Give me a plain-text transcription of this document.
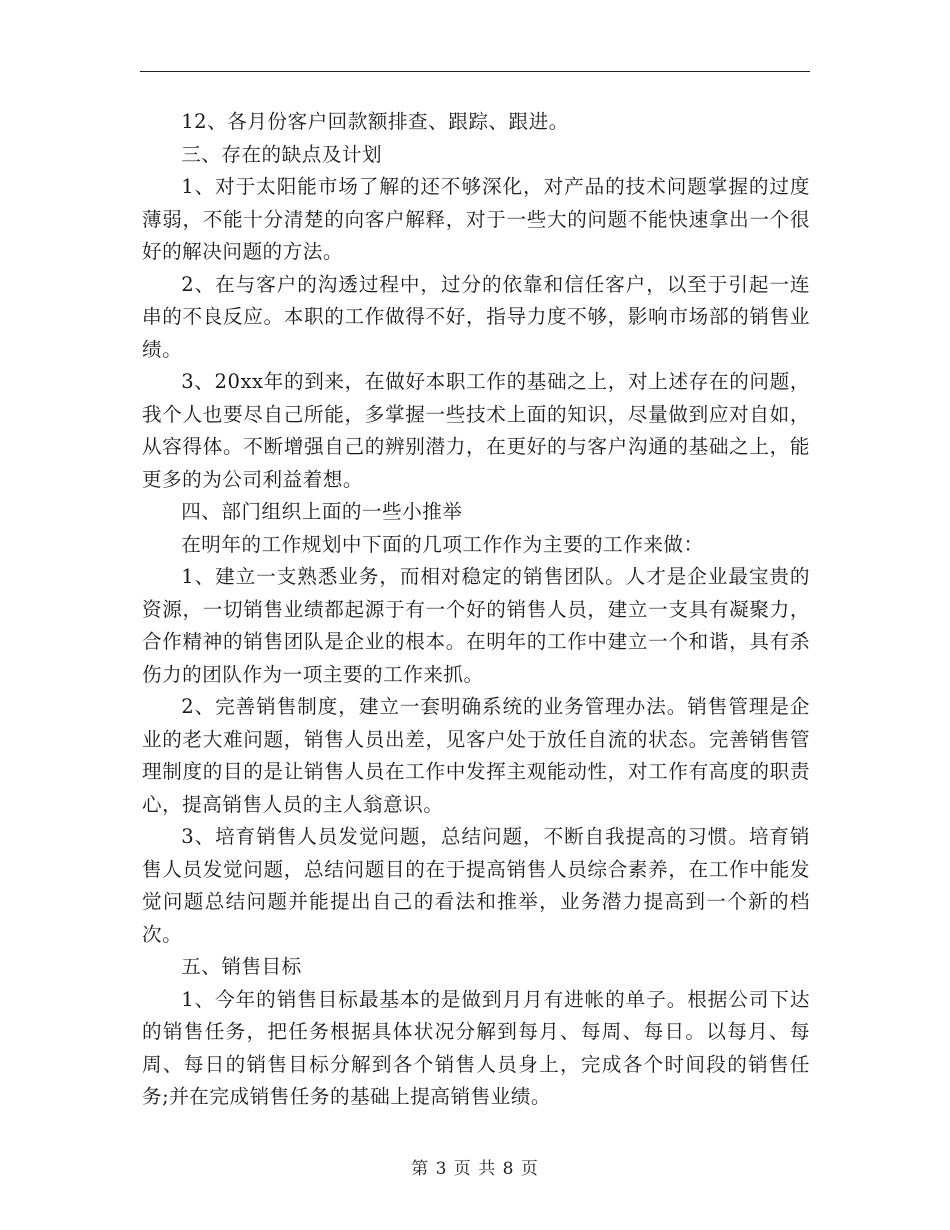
12、各月份客户回款额排查、跟踪、跟进。

三、存在的缺点及计划

1、对于太阳能市场了解的还不够深化，对产品的技术问题掌握的过度薄弱，不能十分清楚的向客户解释，对于一些大的问题不能快速拿出一个很好的解决问题的方法。

2、在与客户的沟透过程中，过分的依靠和信任客户，以至于引起一连串的不良反应。本职的工作做得不好，指导力度不够，影响市场部的销售业绩。

3、20xx年的到来，在做好本职工作的基础之上，对上述存在的问题，我个人也要尽自己所能，多掌握一些技术上面的知识，尽量做到应对自如，从容得体。不断增强自己的辨别潜力，在更好的与客户沟通的基础之上，能更多的为公司利益着想。

四、部门组织上面的一些小推举

在明年的工作规划中下面的几项工作作为主要的工作来做：

1、建立一支熟悉业务，而相对稳定的销售团队。人才是企业最宝贵的资源，一切销售业绩都起源于有一个好的销售人员，建立一支具有凝聚力，合作精神的销售团队是企业的根本。在明年的工作中建立一个和谐，具有杀伤力的团队作为一项主要的工作来抓。

2、完善销售制度，建立一套明确系统的业务管理办法。销售管理是企业的老大难问题，销售人员出差，见客户处于放任自流的状态。完善销售管理制度的目的是让销售人员在工作中发挥主观能动性，对工作有高度的职责心，提高销售人员的主人翁意识。

3、培育销售人员发觉问题，总结问题，不断自我提高的习惯。培育销售人员发觉问题，总结问题目的在于提高销售人员综合素养，在工作中能发觉问题总结问题并能提出自己的看法和推举，业务潜力提高到一个新的档次。

五、销售目标

1、今年的销售目标最基本的是做到月月有进帐的单子。根据公司下达的销售任务，把任务根据具体状况分解到每月、每周、每日。以每月、每周、每日的销售目标分解到各个销售人员身上，完成各个时间段的销售任务;并在完成销售任务的基础上提高销售业绩。

第 3 页 共 8 页
